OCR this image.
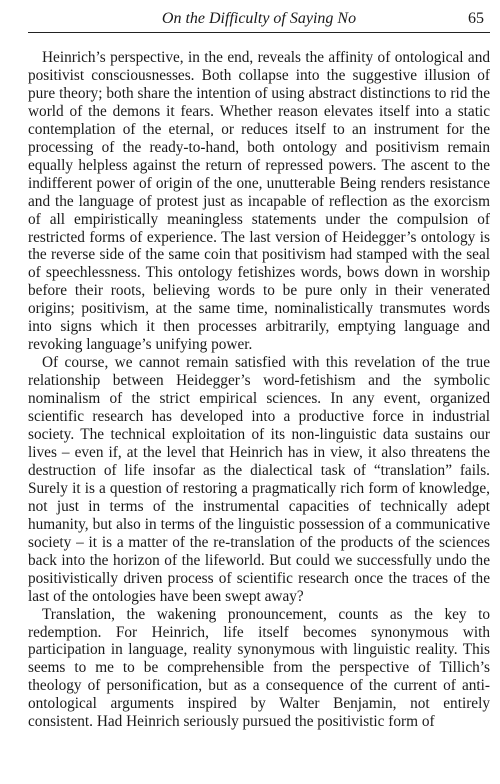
On the Difficulty of Saying No	65

Heinrich’s perspective, in the end, reveals the affinity of ontological and positivist consciousnesses. Both collapse into the suggestive illusion of pure theory; both share the intention of using abstract distinctions to rid the world of the demons it fears. Whether reason elevates itself into a static contemplation of the eternal, or reduces itself to an instrument for the processing of the ready-to-hand, both ontology and positivism remain equally helpless against the return of repressed powers. The ascent to the indifferent power of origin of the one, unutterable Being renders resistance and the language of protest just as incapable of reflection as the exorcism of all empiristically meaningless statements under the compulsion of restricted forms of experience. The last version of Heidegger’s ontology is the reverse side of the same coin that positivism had stamped with the seal of speechlessness. This ontology fetishizes words, bows down in worship before their roots, believing words to be pure only in their venerated origins; positivism, at the same time, nominalistically transmutes words into signs which it then processes arbitrarily, emptying language and revoking language’s unifying power.

Of course, we cannot remain satisfied with this revelation of the true relationship between Heidegger’s word-fetishism and the symbolic nominalism of the strict empirical sciences. In any event, organized scientific research has developed into a productive force in industrial society. The technical exploitation of its non-linguistic data sustains our lives – even if, at the level that Heinrich has in view, it also threatens the destruction of life insofar as the dialectical task of “translation” fails. Surely it is a question of restoring a pragmatically rich form of knowledge, not just in terms of the instrumental capacities of technically adept humanity, but also in terms of the linguistic possession of a communicative society – it is a matter of the re-translation of the products of the sciences back into the horizon of the lifeworld. But could we successfully undo the positivistically driven process of scientific research once the traces of the last of the ontologies have been swept away?

Translation, the wakening pronouncement, counts as the key to redemption. For Heinrich, life itself becomes synonymous with participation in language, reality synonymous with linguistic reality. This seems to me to be comprehensible from the perspective of Tillich’s theology of personification, but as a consequence of the current of anti-ontological arguments inspired by Walter Benjamin, not entirely consistent. Had Heinrich seriously pursued the positivistic form of
